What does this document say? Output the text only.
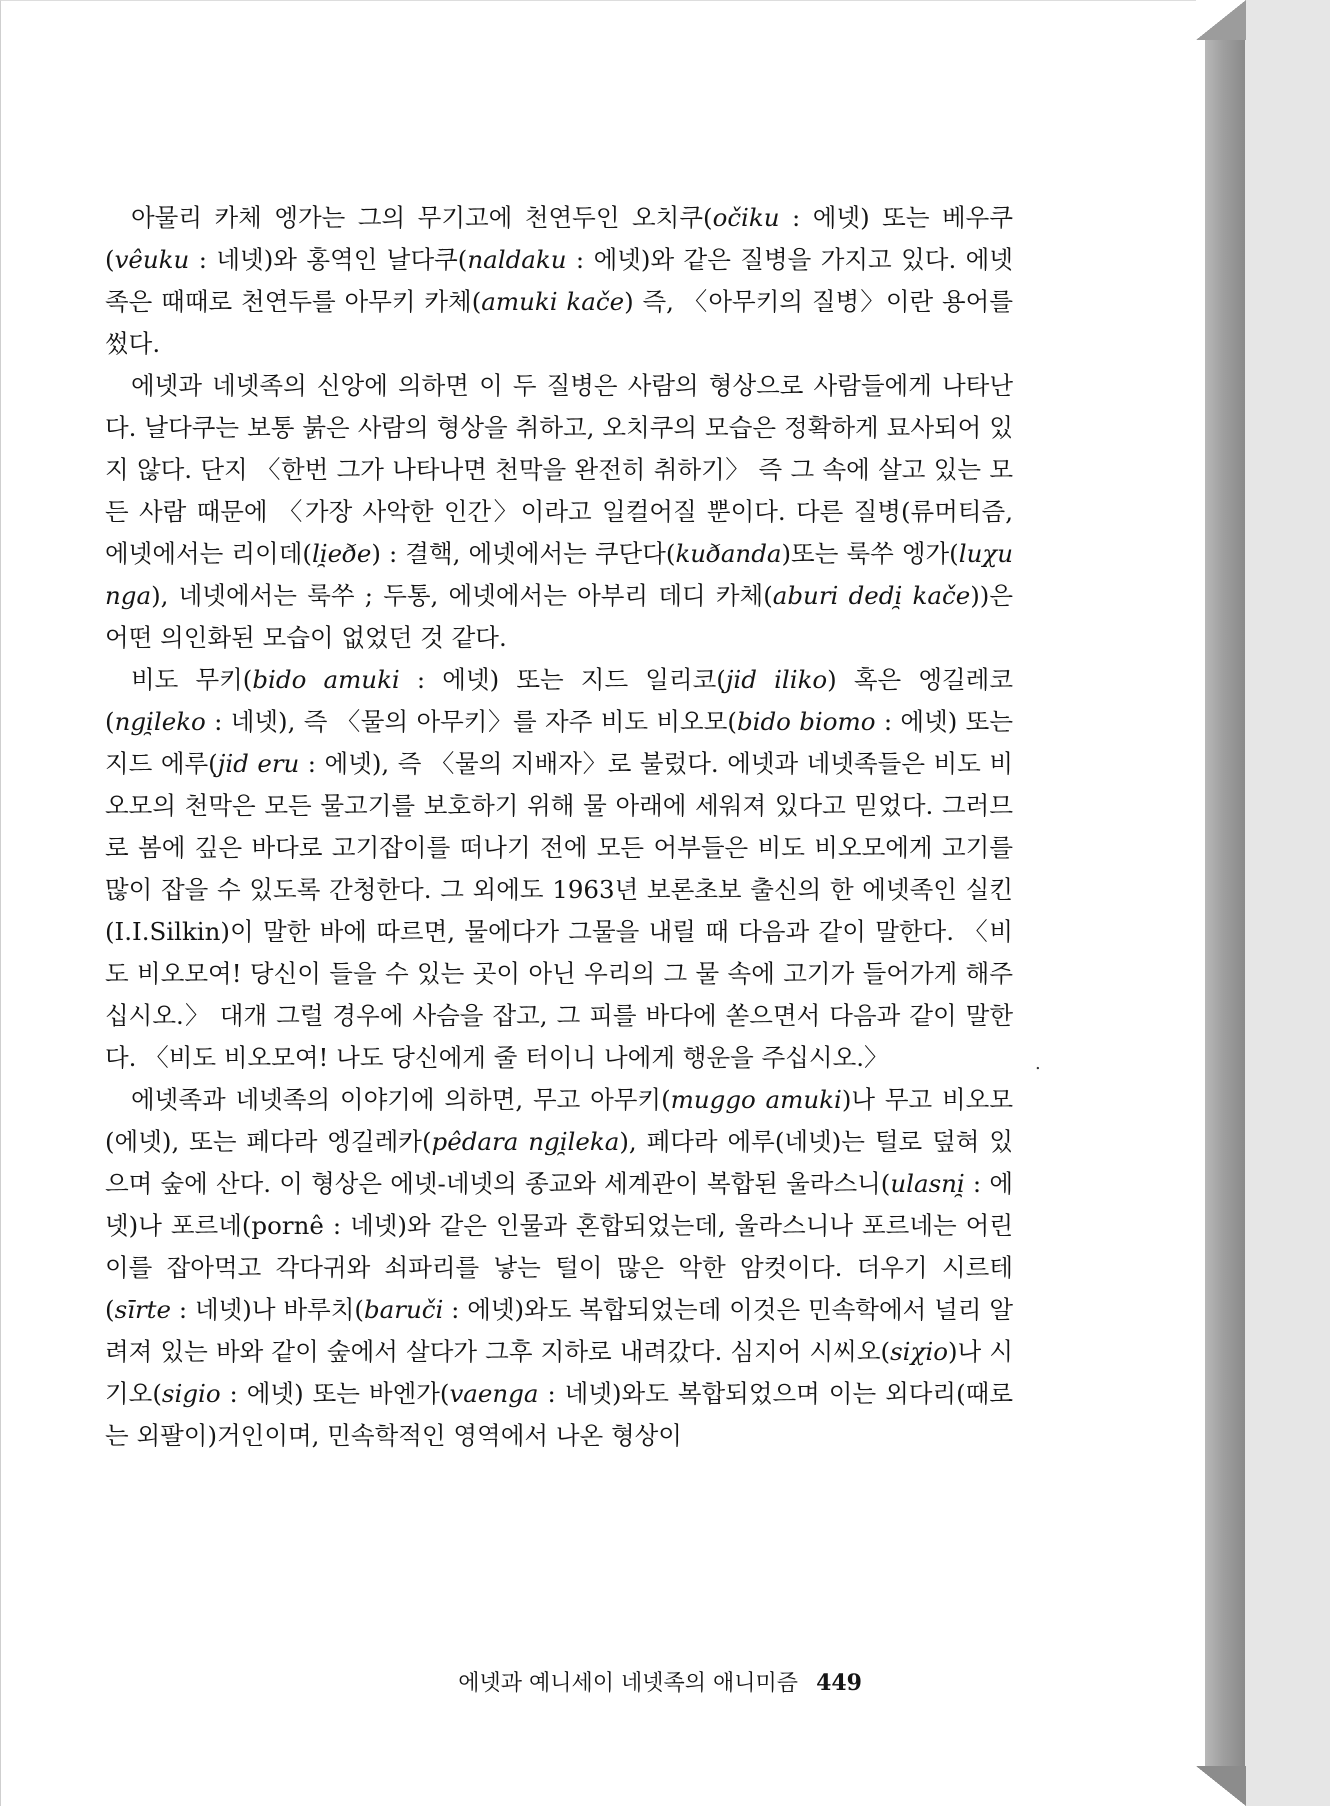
아물리 카체 엥가는 그의 무기고에 천연두인 오치쿠(očiku : 에넷) 또는 베우쿠(vêuku : 네넷)와 홍역인 날다쿠(naldaku : 에넷)와 같은 질병을 가지고 있다. 에넷족은 때때로 천연두를 아무키 카체(amuki kače) 즉, 〈아무키의 질병〉이란 용어를 썼다.

에넷과 네넷족의 신앙에 의하면 이 두 질병은 사람의 형상으로 사람들에게 나타난다. 날다쿠는 보통 붉은 사람의 형상을 취하고, 오치쿠의 모습은 정확하게 묘사되어 있지 않다. 단지 〈한번 그가 나타나면 천막을 완전히 취하기〉 즉 그 속에 살고 있는 모든 사람 때문에 〈가장 사악한 인간〉이라고 일컬어질 뿐이다. 다른 질병(류머티즘, 에넷에서는 리이데(li̯eðe) : 결핵, 에넷에서는 쿠단다(kuðanda)또는 룩쑤 엥가(luχu nga), 네넷에서는 룩쑤 ; 두통, 에넷에서는 아부리 데디 카체(aburi dedi̯ kače))은 어떤 의인화된 모습이 없었던 것 같다.

비도 무키(bido amuki : 에넷) 또는 지드 일리코(jid iliko) 혹은 엥길레코(ngi̯leko : 네넷), 즉 〈물의 아무키〉를 자주 비도 비오모(bido biomo : 에넷) 또는 지드 에루(jid eru : 에넷), 즉 〈물의 지배자〉로 불렀다. 에넷과 네넷족들은 비도 비오모의 천막은 모든 물고기를 보호하기 위해 물 아래에 세워져 있다고 믿었다. 그러므로 봄에 깊은 바다로 고기잡이를 떠나기 전에 모든 어부들은 비도 비오모에게 고기를 많이 잡을 수 있도록 간청한다. 그 외에도 1963년 보론초보 출신의 한 에넷족인 실킨(I.I.Silkin)이 말한 바에 따르면, 물에다가 그물을 내릴 때 다음과 같이 말한다. 〈비도 비오모여! 당신이 들을 수 있는 곳이 아닌 우리의 그 물 속에 고기가 들어가게 해주십시오.〉 대개 그럴 경우에 사슴을 잡고, 그 피를 바다에 쏟으면서 다음과 같이 말한다. 〈비도 비오모여! 나도 당신에게 줄 터이니 나에게 행운을 주십시오.〉

에넷족과 네넷족의 이야기에 의하면, 무고 아무키(muggo amuki)나 무고 비오모(에넷), 또는 페다라 엥길레카(pêdara ngi̯leka), 페다라 에루(네넷)는 털로 덮혀 있으며 숲에 산다. 이 형상은 에넷-네넷의 종교와 세계관이 복합된 울라스니(ulasni̯ : 에넷)나 포르네(pornê : 네넷)와 같은 인물과 혼합되었는데, 울라스니나 포르네는 어린이를 잡아먹고 각다귀와 쇠파리를 낳는 털이 많은 악한 암컷이다. 더우기 시르테(sīrte : 네넷)나 바루치(baruči : 에넷)와도 복합되었는데 이것은 민속학에서 널리 알려져 있는 바와 같이 숲에서 살다가 그후 지하로 내려갔다. 심지어 시씨오(siχio)나 시기오(sigio : 에넷) 또는 바엔가(vaenga : 네넷)와도 복합되었으며 이는 외다리(때로는 외팔이)거인이며, 민속학적인 영역에서 나온 형상이

에넷과 예니세이 네넷족의 애니미즘 449
.
